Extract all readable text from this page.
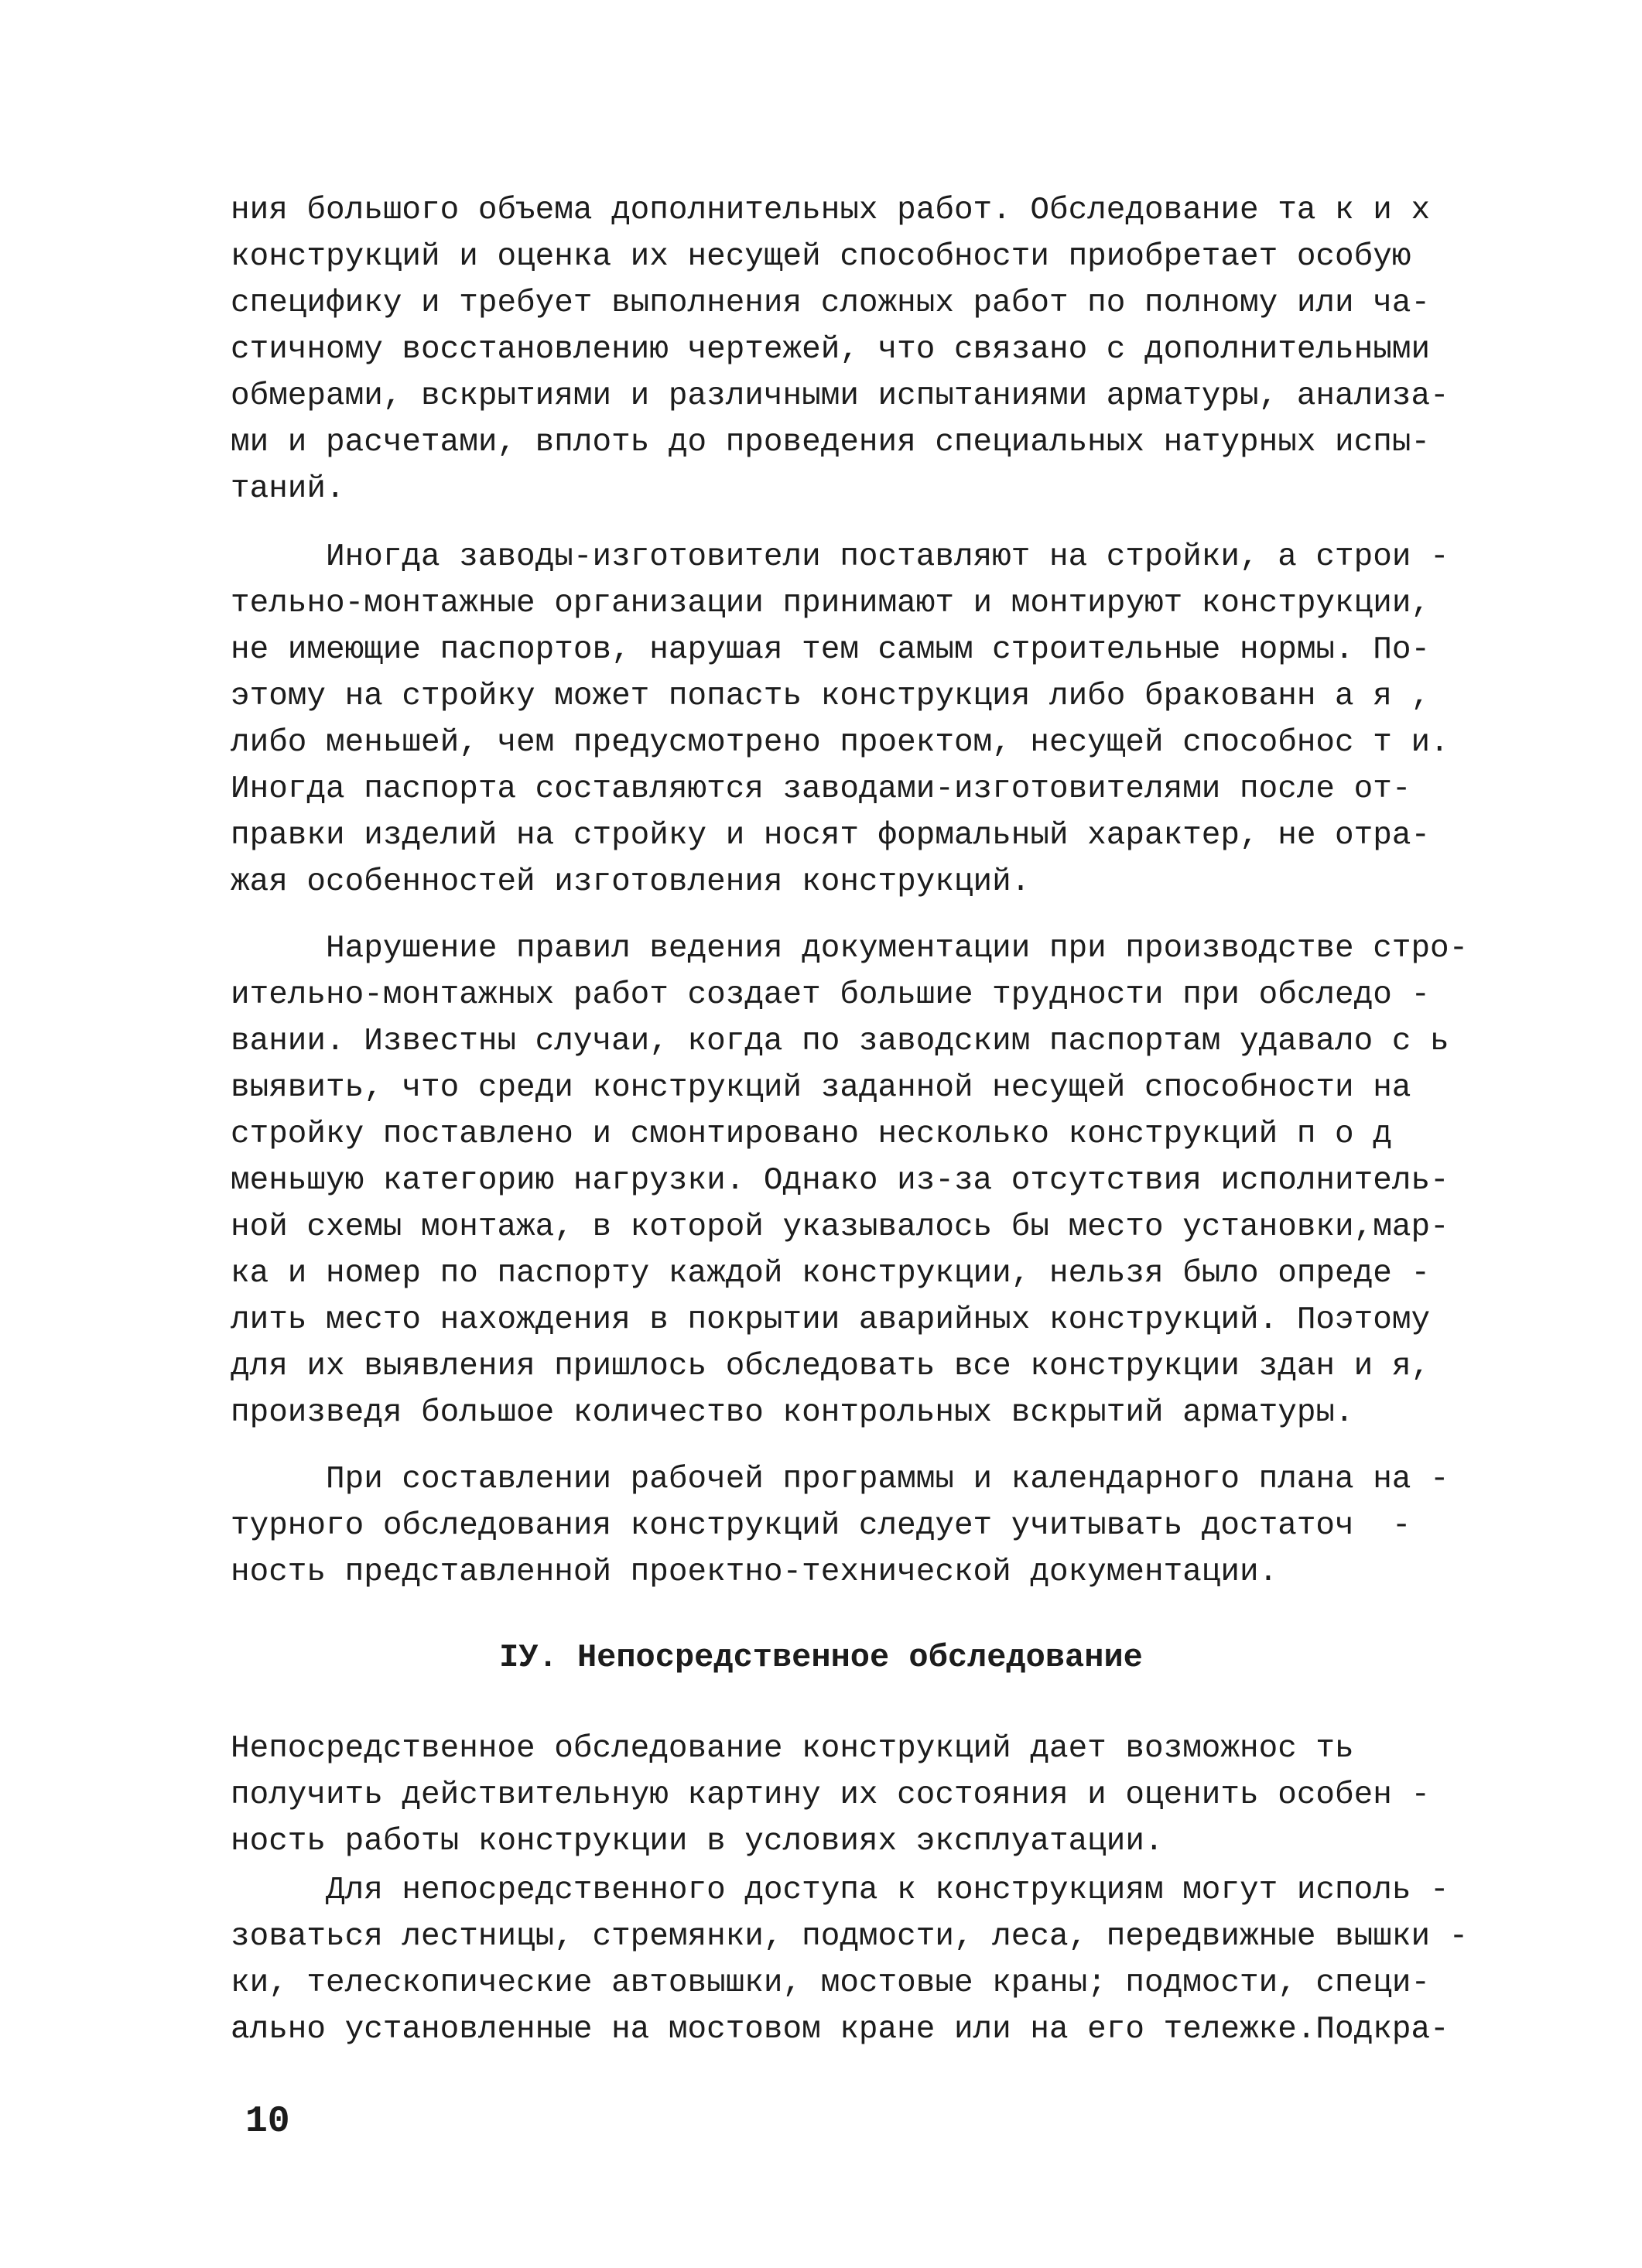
ния большого объема дополнительных работ. Обследование та к и х
конструкций и оценка их несущей способности приобретает особую
специфику и требует выполнения сложных работ по полному или ча-
стичному восстановлению чертежей, что связано с дополнительными
обмерами, вскрытиями и различными испытаниями арматуры, анализа-
ми и расчетами, вплоть до проведения специальных натурных испы-
таний.
Иногда заводы-изготовители поставляют на стройки, а строи -
тельно-монтажные организации принимают и монтируют конструкции,
не имеющие паспортов, нарушая тем самым строительные нормы. По-
этому на стройку может попасть конструкция либо бракованн а я ,
либо меньшей, чем предусмотрено проектом, несущей способнос т и.
Иногда паспорта составляются заводами-изготовителями после от-
правки изделий на стройку и носят формальный характер, не отра-
жая особенностей изготовления конструкций.
Нарушение правил ведения документации при производстве стро-
ительно-монтажных работ создает большие трудности при обследо -
вании. Известны случаи, когда по заводским паспортам удавало с ь
выявить, что среди конструкций заданной несущей способности на
стройку поставлено и смонтировано несколько конструкций п о д
меньшую категорию нагрузки. Однако из-за отсутствия исполнитель-
ной схемы монтажа, в которой указывалось бы место установки,мар-
ка и номер по паспорту каждой конструкции, нельзя было опреде -
лить место нахождения в покрытии аварийных конструкций. Поэтому
для их выявления пришлось обследовать все конструкции здан и я,
произведя большое количество контрольных вскрытий арматуры.
При составлении рабочей программы и календарного плана на -
турного обследования конструкций следует учитывать достаточ  -
ность представленной проектно-технической документации.
IУ. Непосредственное обследование
Непосредственное обследование конструкций дает возможнос ть
получить действительную картину их состояния и оценить особен -
ность работы конструкции в условиях эксплуатации.
Для непосредственного доступа к конструкциям могут исполь -
зоваться лестницы, стремянки, подмости, леса, передвижные вышки -
ки, телескопические автовышки, мостовые краны; подмости, специ-
ально установленные на мостовом кране или на его тележке.Подкра-
10
